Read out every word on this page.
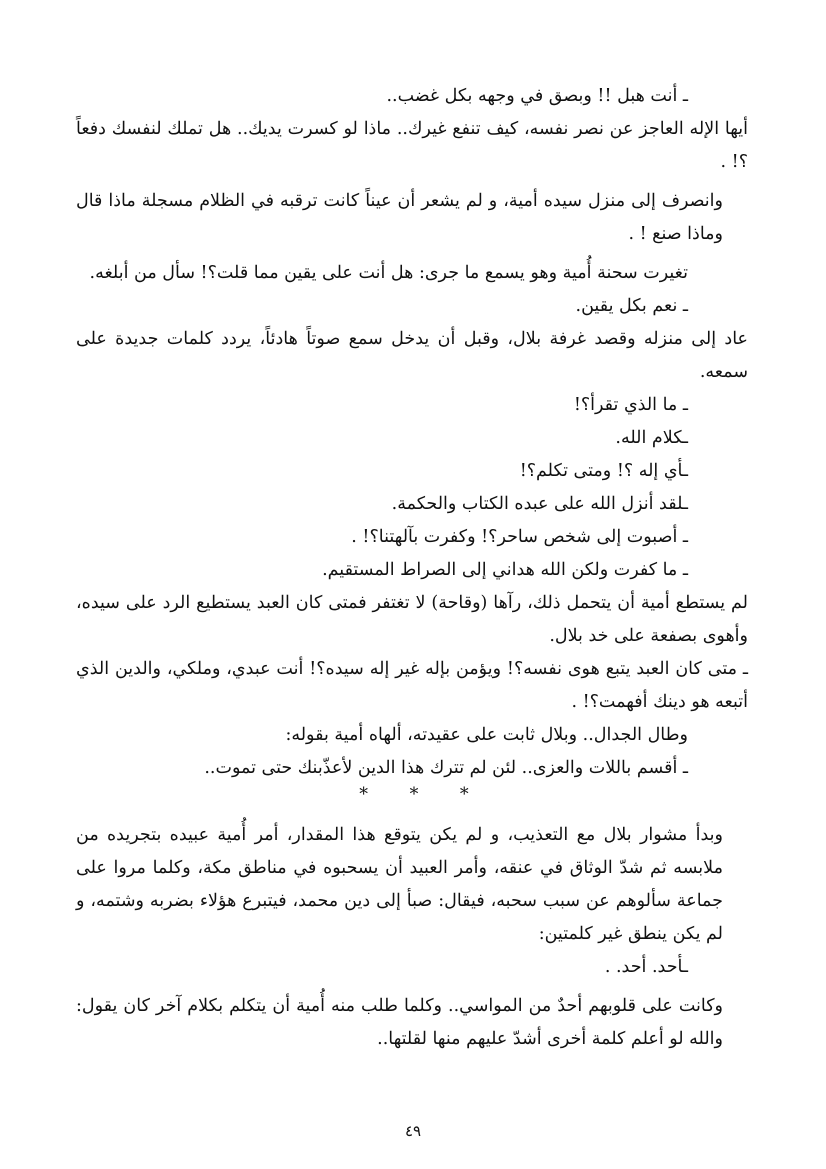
ـ أنت هبل !! وبصق في وجهه بكل غضب..

أيها الإله العاجز عن نصر نفسه، كيف تنفع غيرك.. ماذا لو كسرت يديك.. هل تملك لنفسك دفعاً ؟! .

وانصرف إلى منزل سيده أمية، و لم يشعر أن عيناً كانت ترقبه في الظلام مسجلة ماذا قال وماذا صنع ! .

تغيرت سحنة أُمية وهو يسمع ما جرى: هل أنت على يقين مما قلت؟! سأل من أبلغه.

ـ نعم بكل يقين.

عاد إلى منزله وقصد غرفة بلال، وقبل أن يدخل سمع صوتاً هادئاً، يردد كلمات جديدة على سمعه.

ـ ما الذي تقرأ؟!

ـكلام الله.

ـأي إله ؟! ومتى تكلم؟!

ـلقد أنزل الله على عبده الكتاب والحكمة.

ـ أصبوت إلى شخص ساحر؟! وكفرت بآلهتنا؟! .

ـ ما كفرت ولكن الله هداني إلى الصراط المستقيم.

لم يستطع أمية أن يتحمل ذلك، رآها (وقاحة) لا تغتفر فمتى كان العبد يستطيع الرد على سيده، وأهوى بصفعة على خد بلال.

ـ متى كان العبد يتبع هوى نفسه؟! ويؤمن بإله غير إله سيده؟! أنت عبدي، وملكي، والدين الذي أتبعه هو دينك أفهمت؟! .

وطال الجدال.. وبلال ثابت على عقيدته، ألهاه أمية بقوله:

ـ أقسم باللات والعزى.. لئن لم تترك هذا الدين لأعذّبنك حتى تموت..

* * *

وبدأ مشوار بلال مع التعذيب، و لم يكن يتوقع هذا المقدار، أمر أُمية عبيده بتجريده من ملابسه ثم شدّ الوثاق في عنقه، وأمر العبيد أن يسحبوه في مناطق مكة، وكلما مروا على جماعة سألوهم عن سبب سحبه، فيقال: صبأ إلى دين محمد، فيتبرع هؤلاء بضربه وشتمه، و لم يكن ينطق غير كلمتين:

ـأحد. أحد. .

وكانت على قلوبهم أحدٌ من المواسي.. وكلما طلب منه أُمية أن يتكلم بكلام آخر كان يقول: والله لو أعلم كلمة أخرى أشدّ عليهم منها لقلتها..

٤٩
